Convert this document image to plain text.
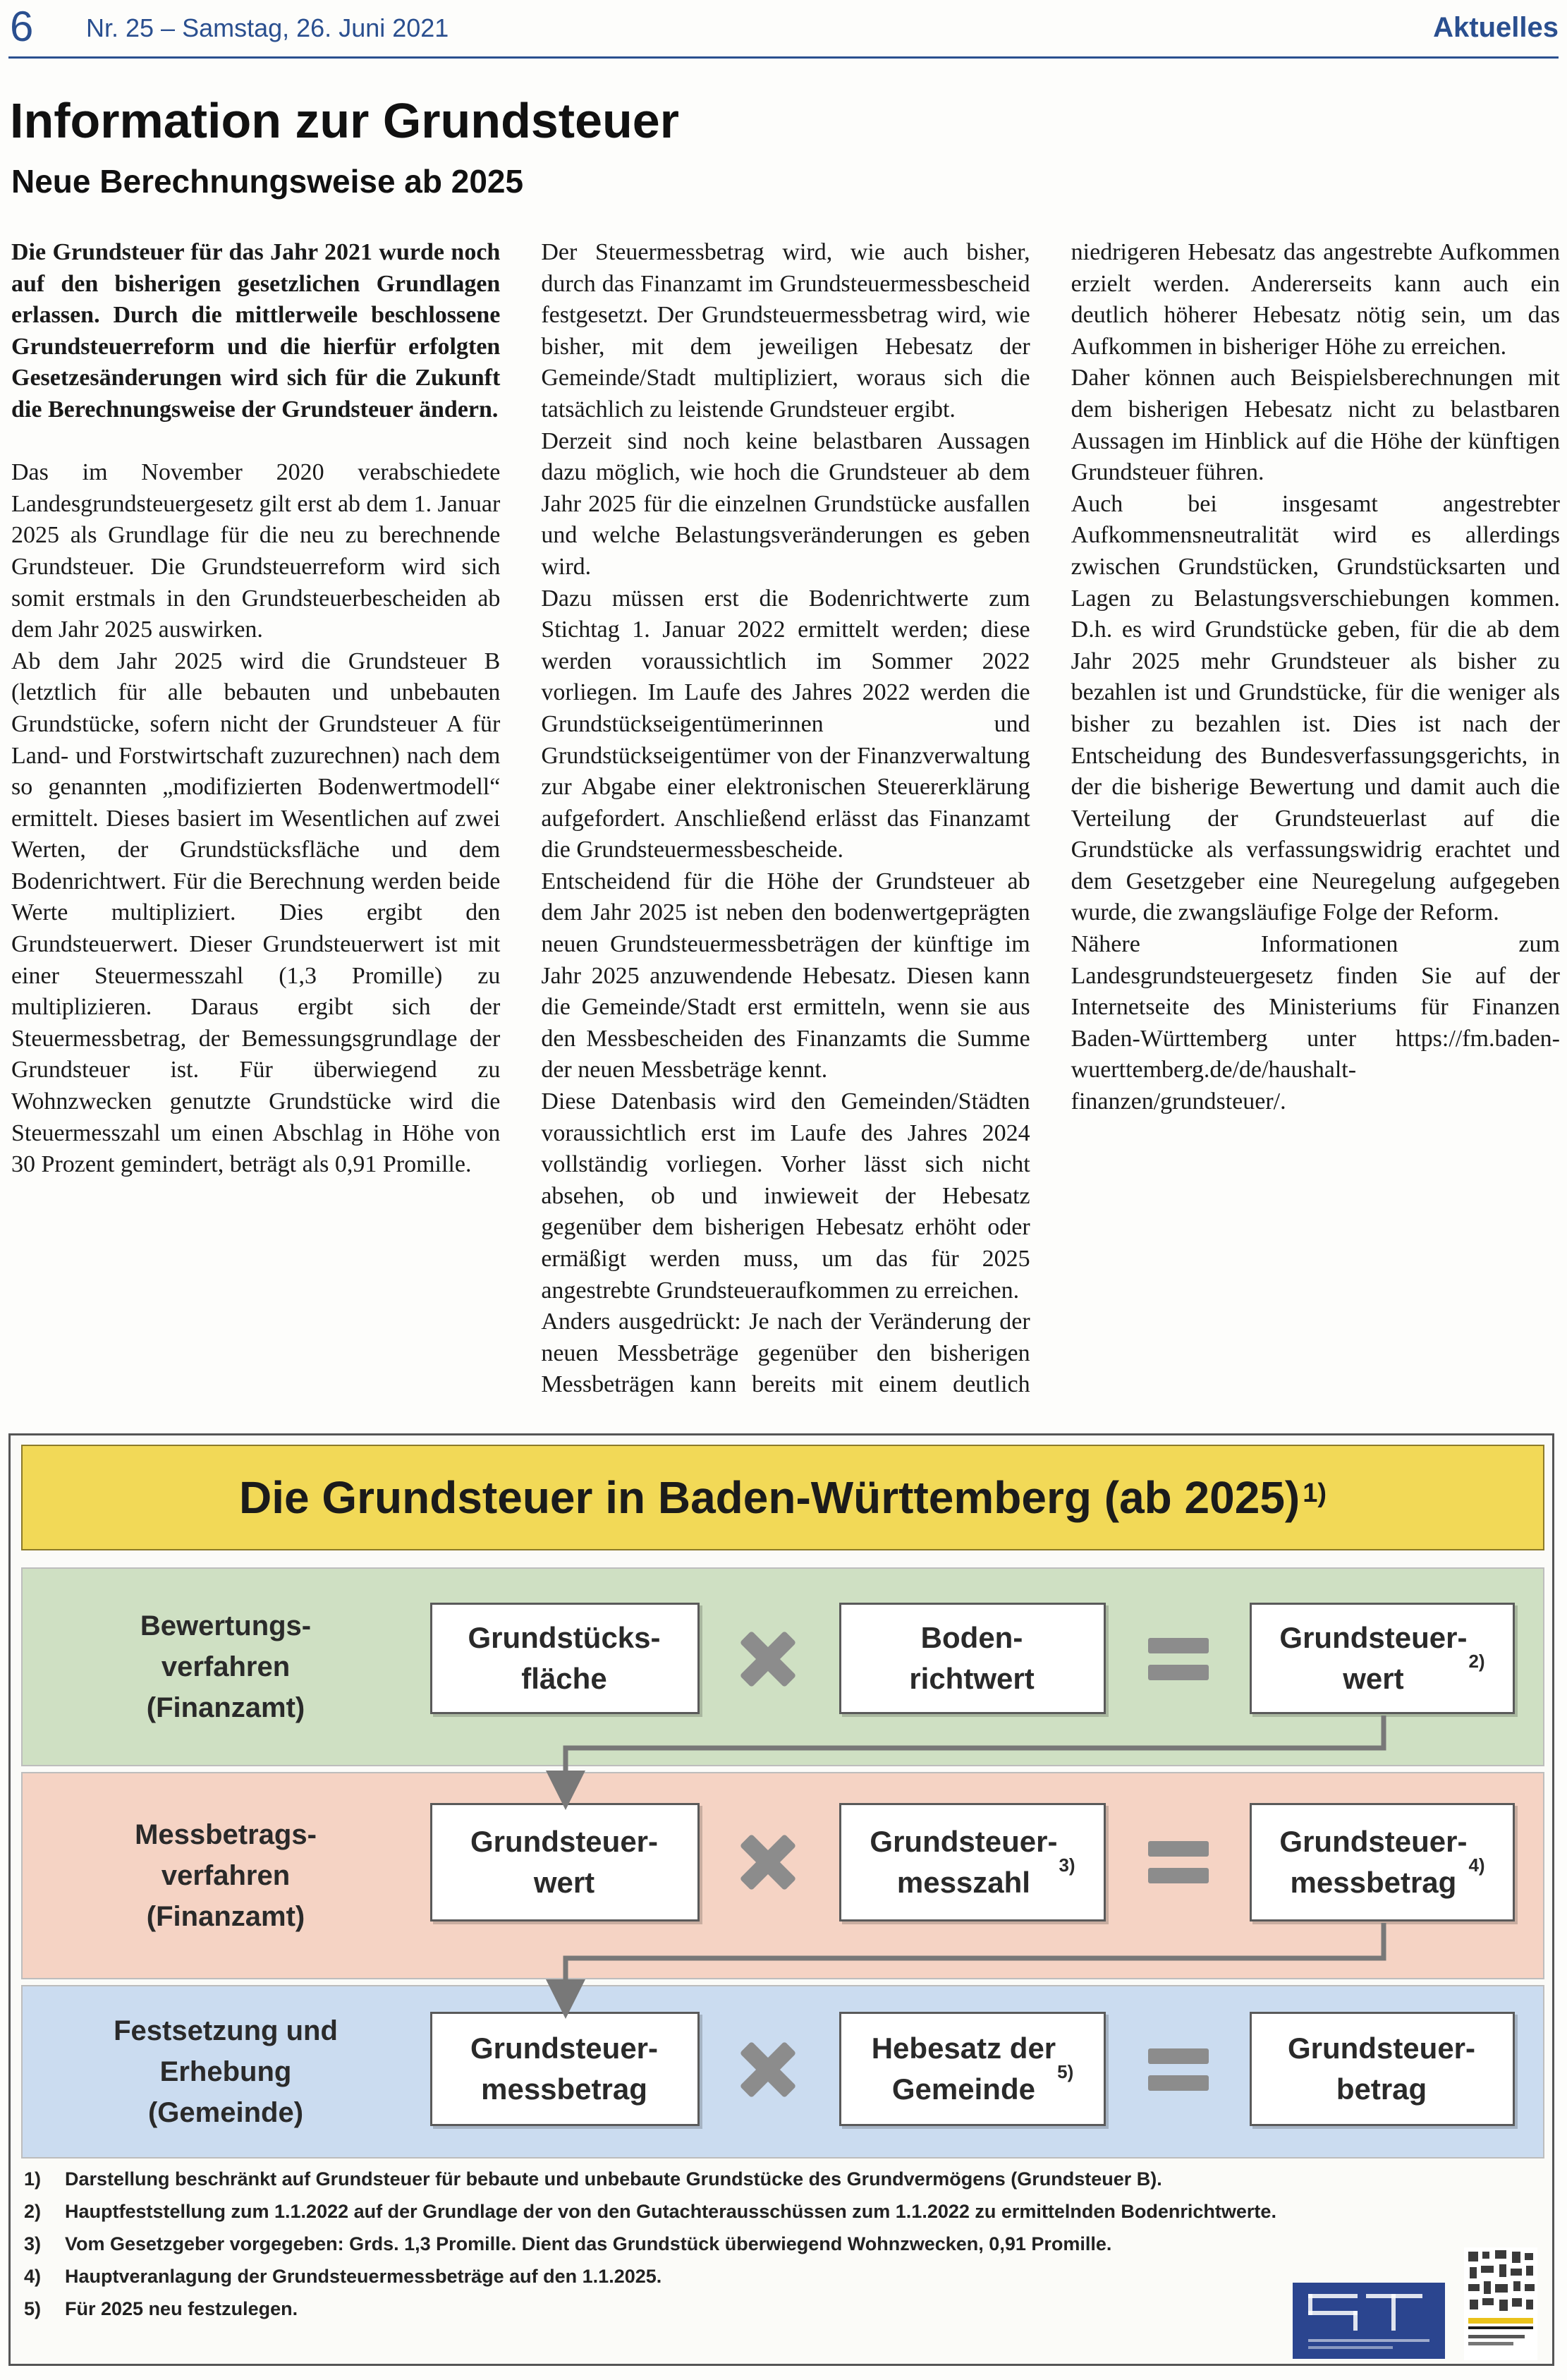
6 Nr. 25 – Samstag, 26. Juni 2021	Aktuelles
Information zur Grundsteuer
Neue Berechnungsweise ab 2025

Die Grundsteuer für das Jahr 2021 wurde noch auf den bisherigen gesetzlichen Grundlagen erlassen. Durch die mittlerweile beschlossene Grundsteuerreform und die hierfür erfolgten Gesetzesänderungen wird sich für die Zukunft die Berechnungsweise der Grundsteuer ändern.

Das im November 2020 verabschiedete Landesgrundsteuergesetz gilt erst ab dem 1. Januar 2025 als Grundlage für die neu zu berechnende Grundsteuer. Die Grundsteuerreform wird sich somit erstmals in den Grundsteuerbescheiden ab dem Jahr 2025 auswirken.

Ab dem Jahr 2025 wird die Grundsteuer B (letztlich für alle bebauten und unbebauten Grundstücke, sofern nicht der Grundsteuer A für Land- und Forstwirtschaft zuzurechnen) nach dem so genannten „modifizierten Bodenwertmodell“ ermittelt. Dieses basiert im Wesentlichen auf zwei Werten, der Grundstücksfläche und dem Bodenrichtwert. Für die Berechnung werden beide Werte multipliziert. Dies ergibt den Grundsteuerwert. Dieser Grundsteuerwert ist mit einer Steuermesszahl (1,3 Promille) zu multiplizieren. Daraus ergibt sich der Steuermessbetrag, der Bemessungsgrundlage der Grundsteuer ist. Für überwiegend zu Wohnzwecken genutzte Grundstücke wird die Steuermesszahl um einen Abschlag in Höhe von 30 Prozent gemindert, beträgt als 0,91 Promille.

Der Steuermessbetrag wird, wie auch bisher, durch das Finanzamt im Grundsteuermessbescheid festgesetzt. Der Grundsteuermessbetrag wird, wie bisher, mit dem jeweiligen Hebesatz der Gemeinde/Stadt multipliziert, woraus sich die tatsächlich zu leistende Grundsteuer ergibt.

Derzeit sind noch keine belastbaren Aussagen dazu möglich, wie hoch die Grundsteuer ab dem Jahr 2025 für die einzelnen Grundstücke ausfallen und welche Belastungsveränderungen es geben wird.

Dazu müssen erst die Bodenrichtwerte zum Stichtag 1. Januar 2022 ermittelt werden; diese werden voraussichtlich im Sommer 2022 vorliegen. Im Laufe des Jahres 2022 werden die Grundstückseigentümerinnen und Grundstückseigentümer von der Finanzverwaltung zur Abgabe einer elektronischen Steuererklärung aufgefordert. Anschließend erlässt das Finanzamt die Grundsteuermessbescheide.

Entscheidend für die Höhe der Grundsteuer ab dem Jahr 2025 ist neben den bodenwertgeprägten neuen Grundsteuermessbeträgen der künftige im Jahr 2025 anzuwendende Hebesatz. Diesen kann die Gemeinde/Stadt erst ermitteln, wenn sie aus den Messbescheiden des Finanzamts die Summe der neuen Messbeträge kennt.

Diese Datenbasis wird den Gemeinden/Städten voraussichtlich erst im Laufe des Jahres 2024 vollständig vorliegen. Vorher lässt sich nicht absehen, ob und inwieweit der Hebesatz gegenüber dem bisherigen Hebesatz erhöht oder ermäßigt werden muss, um das für 2025 angestrebte Grundsteueraufkommen zu erreichen.

Anders ausgedrückt: Je nach der Veränderung der neuen Messbeträge gegenüber den bisherigen Messbeträgen kann bereits mit einem deutlich niedrigeren Hebesatz das angestrebte Aufkommen erzielt werden. Andererseits kann auch ein deutlich höherer Hebesatz nötig sein, um das Aufkommen in bisheriger Höhe zu erreichen.

Daher können auch Beispielsberechnungen mit dem bisherigen Hebesatz nicht zu belastbaren Aussagen im Hinblick auf die Höhe der künftigen Grundsteuer führen.

Auch bei insgesamt angestrebter Aufkommensneutralität wird es allerdings zwischen Grundstücken, Grundstücksarten und Lagen zu Belastungsverschiebungen kommen. D.h. es wird Grundstücke geben, für die ab dem Jahr 2025 mehr Grundsteuer als bisher zu bezahlen ist und Grundstücke, für die weniger als bisher zu bezahlen ist. Dies ist nach der Entscheidung des Bundesverfassungsgerichts, in der die bisherige Bewertung und damit auch die Verteilung der Grundsteuerlast auf die Grundstücke als verfassungswidrig erachtet und dem Gesetzgeber eine Neuregelung aufgegeben wurde, die zwangsläufige Folge der Reform.

Nähere Informationen zum Landesgrundsteuergesetz finden Sie auf der Internetseite des Ministeriums für Finanzen Baden-Württemberg unter https://fm.baden-wuerttemberg.de/de/haushalt-finanzen/grundsteuer/.

Die Grundsteuer in Baden-Württemberg (ab 2025)$^{1)}$
Bewertungs-
verfahren
(Finanzamt)
Grundstücks-
fläche
Boden-
richtwert
Grundsteuer-
wert
$^{2)}$
Messbetrags-
verfahren
(Finanzamt)
Grundsteuer-
wert
Grundsteuer-
messzahl
$^{3)}$
Grundsteuer-
messbetrag
$^{4)}$
Festsetzung und
Erhebung
(Gemeinde)
Grundsteuer-
messbetrag
Hebesatz der
Gemeinde
$^{5)}$
Grundsteuer-
betrag
1)	Darstellung beschränkt auf Grundsteuer für bebaute und unbebaute Grundstücke des Grundvermögens (Grundsteuer B).
2)	Hauptfeststellung zum 1.1.2022 auf der Grundlage der von den Gutachterausschüssen zum 1.1.2022 zu ermittelnden Bodenrichtwerte.
3)	Vom Gesetzgeber vorgegeben: Grds. 1,3 Promille. Dient das Grundstück überwiegend Wohnzwecken, 0,91 Promille.
4)	Hauptveranlagung der Grundsteuermessbeträge auf den 1.1.2025.
5)	Für 2025 neu festzulegen.
